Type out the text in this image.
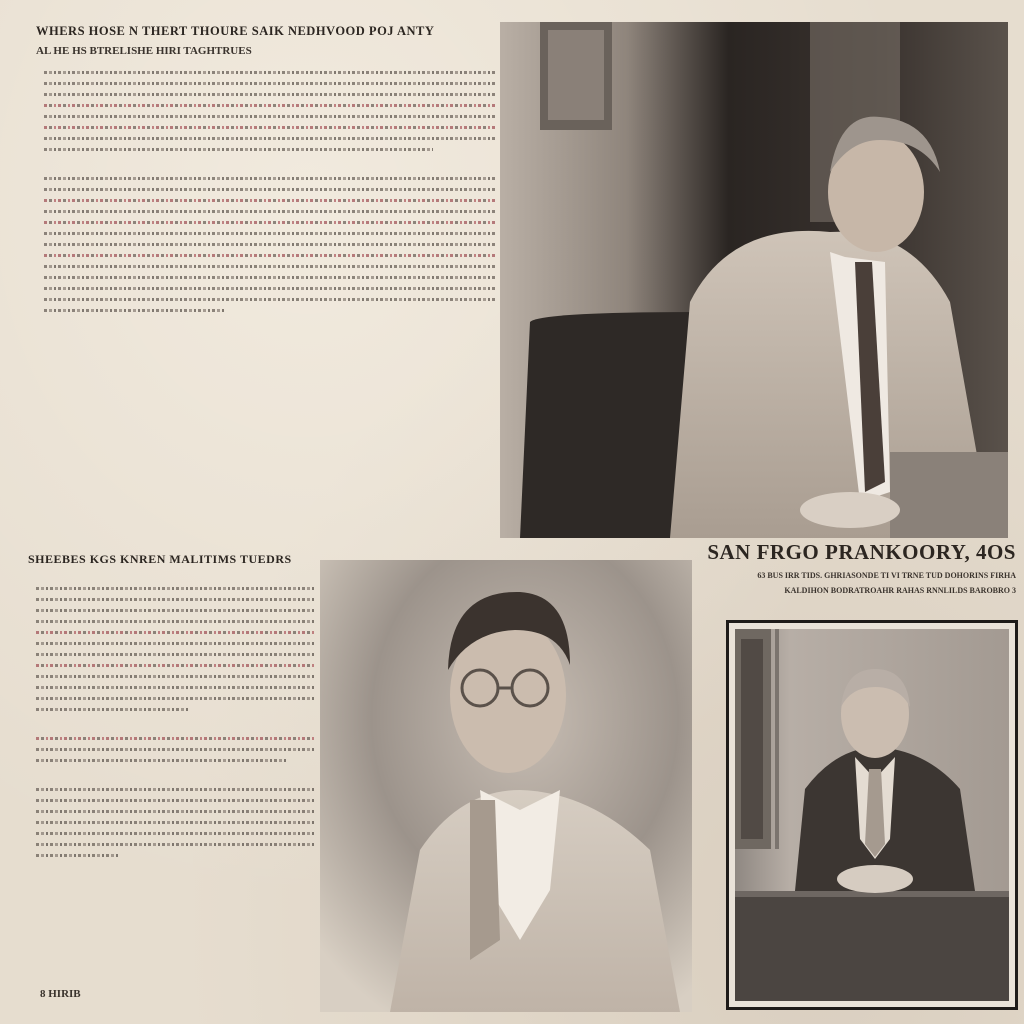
WHERS HOSE N THERT THOURE SAIK NEDHVOOD POJ ANTY
AL HE HS BTRELISHE HIRI TAGHTRUES
SHEEBES KGS KNREN MALITIMS TUEDRS
8 HIRIB
SAN FRGO PRANKOORY, 4OS
63 BUS IRR TIDS. GHRIASONDE TI VI TRNE TUD DOHORINS FIRHA
KALDIHON BODRATROAHR RAHAS RNNLILDS BAROBRO 3
